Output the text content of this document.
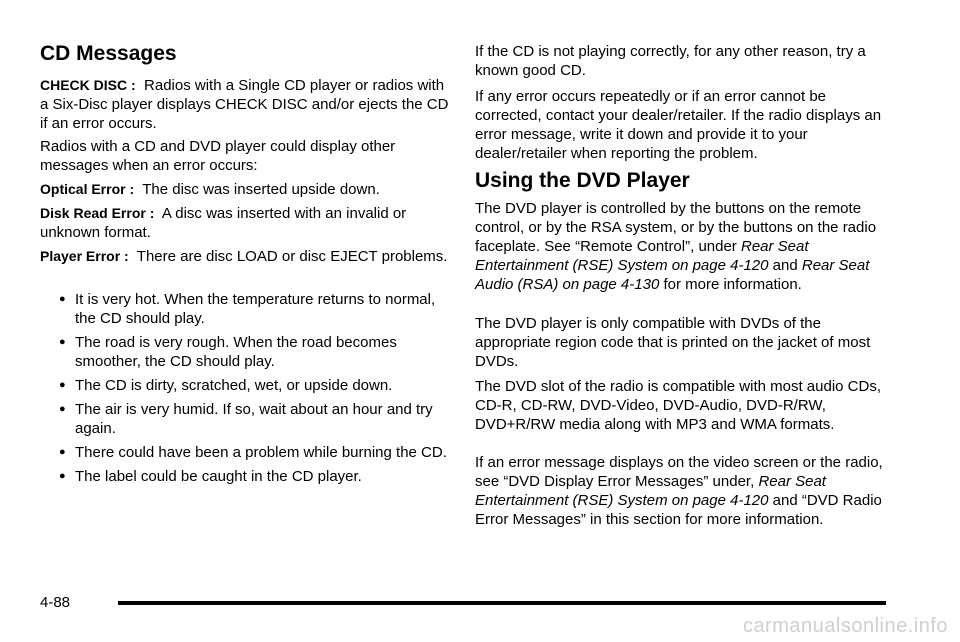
CD Messages

CHECK DISC : Radios with a Single CD player or radios with a Six-Disc player displays CHECK DISC and/or ejects the CD if an error occurs.

Radios with a CD and DVD player could display other messages when an error occurs:

Optical Error : The disc was inserted upside down.

Disk Read Error : A disc was inserted with an invalid or unknown format.

Player Error : There are disc LOAD or disc EJECT problems.

● It is very hot. When the temperature returns to normal, the CD should play.
● The road is very rough. When the road becomes smoother, the CD should play.
● The CD is dirty, scratched, wet, or upside down.
● The air is very humid. If so, wait about an hour and try again.
● There could have been a problem while burning the CD.
● The label could be caught in the CD player.

If the CD is not playing correctly, for any other reason, try a known good CD.

If any error occurs repeatedly or if an error cannot be corrected, contact your dealer/retailer. If the radio displays an error message, write it down and provide it to your dealer/retailer when reporting the problem.

Using the DVD Player

The DVD player is controlled by the buttons on the remote control, or by the RSA system, or by the buttons on the radio faceplate. See “Remote Control”, under Rear Seat Entertainment (RSE) System on page 4-120 and Rear Seat Audio (RSA) on page 4-130 for more information.

The DVD player is only compatible with DVDs of the appropriate region code that is printed on the jacket of most DVDs.

The DVD slot of the radio is compatible with most audio CDs, CD-R, CD-RW, DVD-Video, DVD-Audio, DVD-R/RW, DVD+R/RW media along with MP3 and WMA formats.

If an error message displays on the video screen or the radio, see “DVD Display Error Messages” under, Rear Seat Entertainment (RSE) System on page 4-120 and “DVD Radio Error Messages” in this section for more information.

4-88
carmanualsonline.info
